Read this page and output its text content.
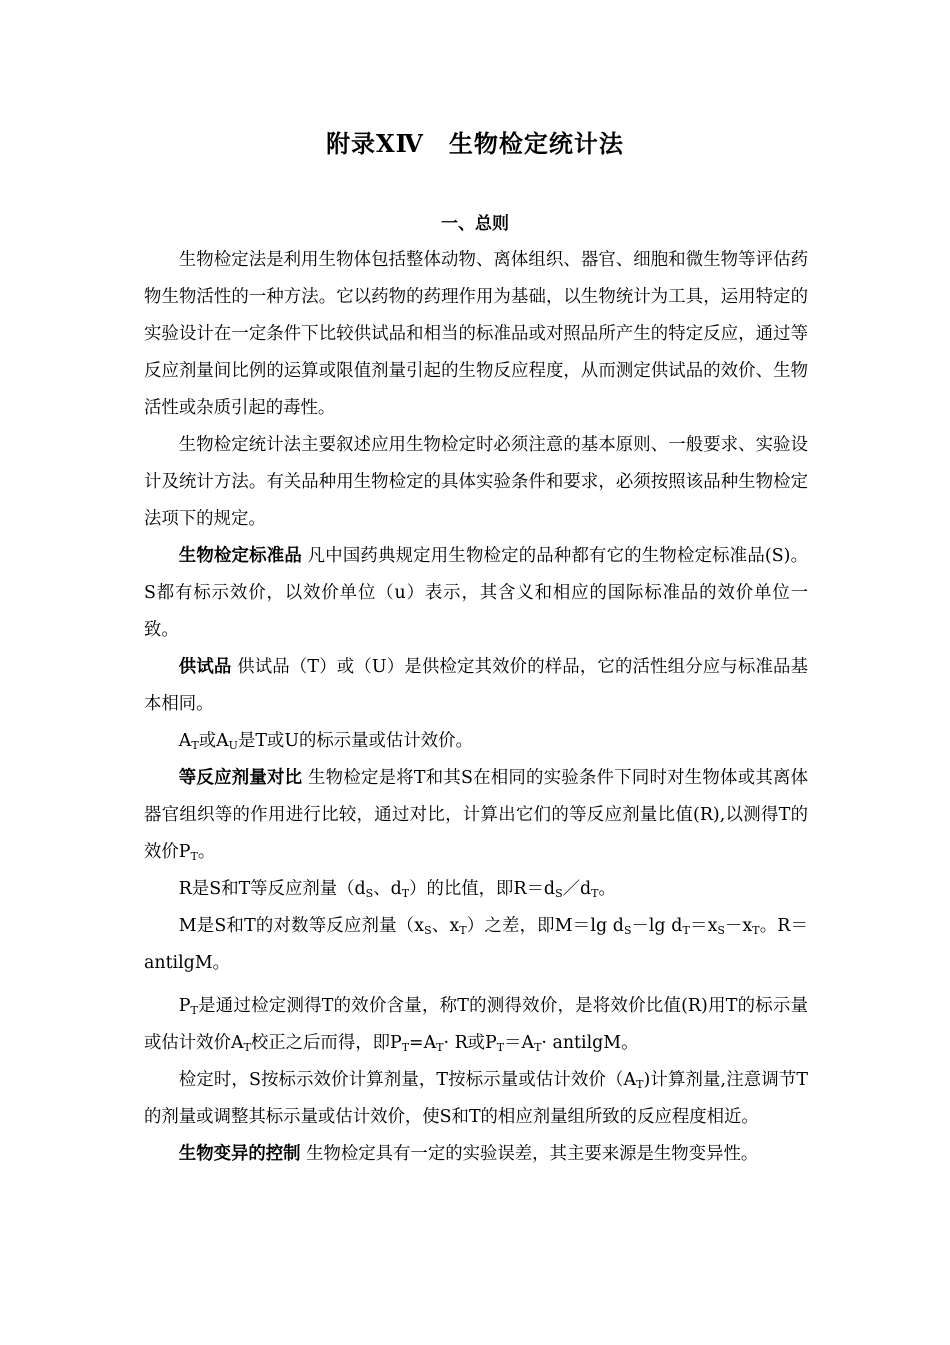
附录ⅩⅣ　生物检定统计法
一、总则

生物检定法是利用生物体包括整体动物、离体组织、器官、细胞和微生物等评估药物生物活性的一种方法。它以药物的药理作用为基础，以生物统计为工具，运用特定的实验设计在一定条件下比较供试品和相当的标准品或对照品所产生的特定反应，通过等反应剂量间比例的运算或限值剂量引起的生物反应程度，从而测定供试品的效价、生物活性或杂质引起的毒性。

生物检定统计法主要叙述应用生物检定时必须注意的基本原则、一般要求、实验设计及统计方法。有关品种用生物检定的具体实验条件和要求，必须按照该品种生物检定法项下的规定。

生物检定标准品 凡中国药典规定用生物检定的品种都有它的生物检定标准品(S)。S都有标示效价，以效价单位（u）表示，其含义和相应的国际标准品的效价单位一致。

供试品 供试品（T）或（U）是供检定其效价的样品，它的活性组分应与标准品基本相同。

$A_T$或$A_U$是T或U的标示量或估计效价。

等反应剂量对比 生物检定是将T和其S在相同的实验条件下同时对生物体或其离体器官组织等的作用进行比较，通过对比，计算出它们的等反应剂量比值(R),以测得T的效价$P_T$。

R是S和T等反应剂量（$d_S$、$d_T$）的比值，即$R=d_S/d_T$。

M是S和T的对数等反应剂量（$x_S$、$x_T$）之差，即M＝lg $d_S-\lg$ $d_T=x_S-x_T$。R＝antilgM。

$P_T$是通过检定测得T的效价含量，称T的测得效价，是将效价比值(R)用T的标示量或估计效价$A_T$校正之后而得，即$P_T=A_T\cdot R$或$P_T=A_T\cdot$ antilgM。

检定时，S按标示效价计算剂量，T按标示量或估计效价$(A_T)$计算剂量,注意调节T的剂量或调整其标示量或估计效价，使S和T的相应剂量组所致的反应程度相近。

生物变异的控制 生物检定具有一定的实验误差，其主要来源是生物变异性。
